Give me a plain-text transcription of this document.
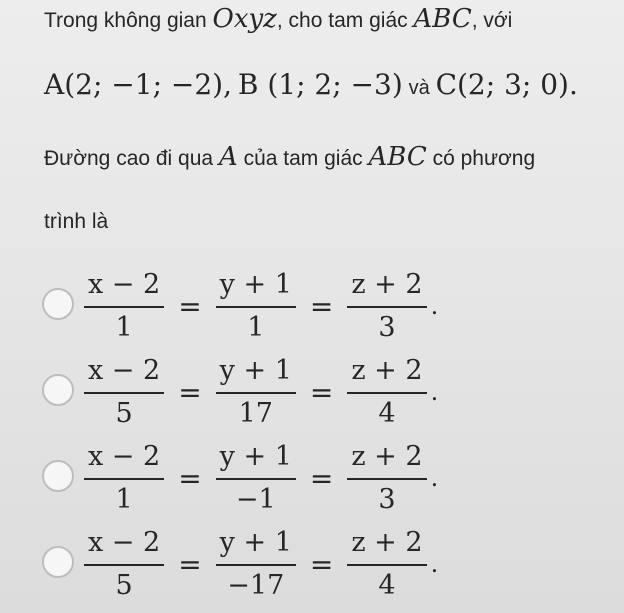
Trong không gian Oxyz, cho tam giác ABC, với
A(2; −1; −2), B (1; 2; −3) và C(2; 3; 0).
Đường cao đi qua A của tam giác ABC có phương
trình là
$\frac{x - 2}{1} = \frac{y + 1}{1} = \frac{z + 2}{3}$ .
$\frac{x - 2}{5} = \frac{y + 1}{17} = \frac{z + 2}{4}$ .
$\frac{x - 2}{1} = \frac{y + 1}{-1} = \frac{z + 2}{3}$ .
$\frac{x - 2}{5} = \frac{y + 1}{-17} = \frac{z + 2}{4}$ .
